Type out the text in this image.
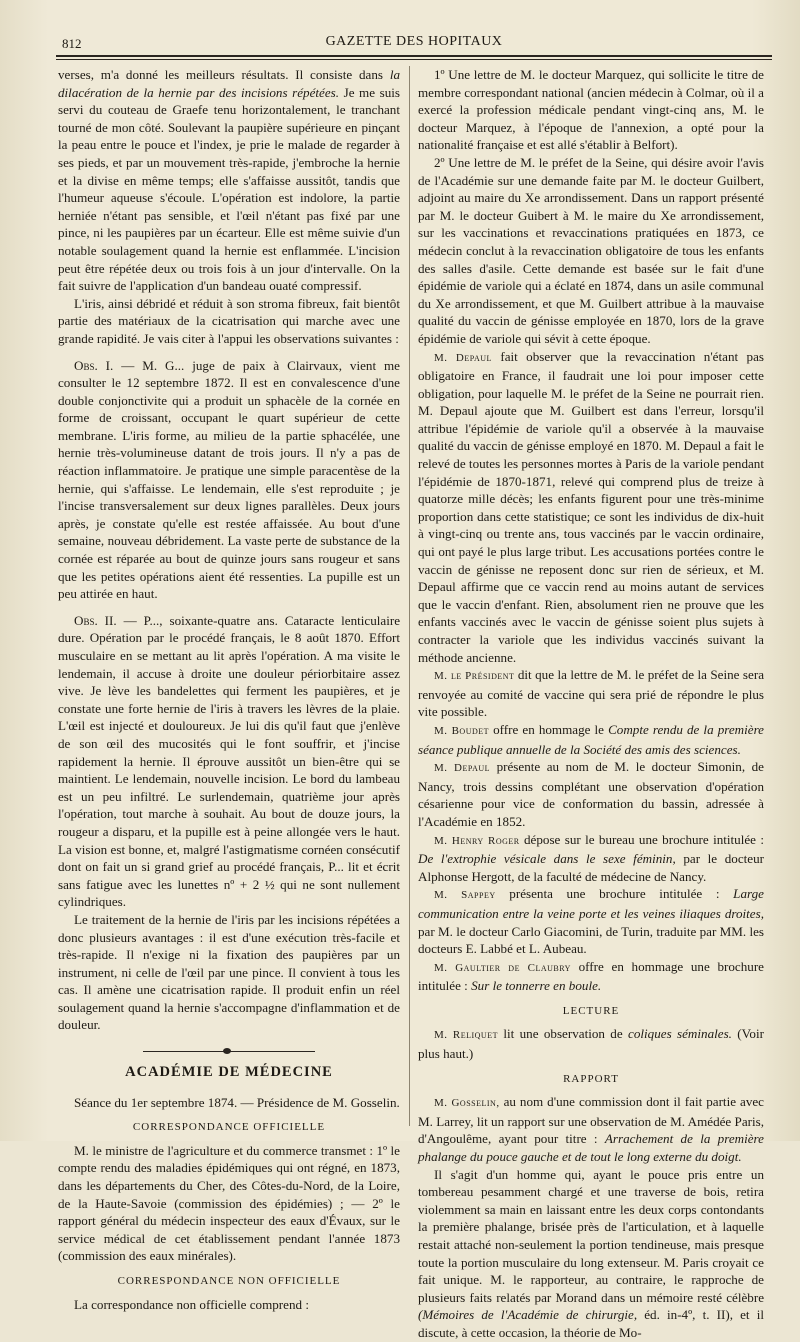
812	GAZETTE DES HOPITAUX

verses, m'a donné les meilleurs résultats. Il consiste dans la dilacération de la hernie par des incisions répétées. Je me suis servi du couteau de Graefe tenu horizontalement, le tranchant tourné de mon côté. Soulevant la paupière supérieure en pinçant la peau entre le pouce et l'index, je prie le malade de regarder à ses pieds, et par un mouvement très-rapide, j'embroche la hernie et la divise en même temps; elle s'affaisse aussitôt, tandis que l'humeur aqueuse s'écoule. L'opération est indolore, la partie herniée n'étant pas sensible, et l'œil n'étant pas fixé par une pince, ni les paupières par un écarteur. Elle est même suivie d'un notable soulagement quand la hernie est enflammée. L'incision peut être répétée deux ou trois fois à un jour d'intervalle. On la fait suivre de l'application d'un bandeau ouaté compressif.

L'iris, ainsi débridé et réduit à son stroma fibreux, fait bientôt partie des matériaux de la cicatrisation qui marche avec une grande rapidité. Je vais citer à l'appui les observations suivantes :

Obs. I. — M. G... juge de paix à Clairvaux, vient me consulter le 12 septembre 1872. Il est en convalescence d'une double conjonctivite qui a produit un sphacèle de la cornée en forme de croissant, occupant le quart supérieur de cette membrane. L'iris forme, au milieu de la partie sphacélée, une hernie très-volumineuse datant de trois jours. Il n'y a pas de réaction inflammatoire. Je pratique une simple paracentèse de la hernie, qui s'affaisse. Le lendemain, elle s'est reproduite ; je l'incise transversalement sur deux lignes parallèles. Deux jours après, je constate qu'elle est restée affaissée. Au bout d'une semaine, nouveau débridement. La vaste perte de substance de la cornée est réparée au bout de quinze jours sans rougeur et sans que les petites opérations aient été ressenties. La pupille est un peu attirée en haut.

Obs. II. — P..., soixante-quatre ans. Cataracte lenticulaire dure. Opération par le procédé français, le 8 août 1870. Effort musculaire en se mettant au lit après l'opération. A ma visite le lendemain, il accuse à droite une douleur périorbitaire assez vive. Je lève les bandelettes qui ferment les paupières, et je constate une forte hernie de l'iris à travers les lèvres de la plaie. L'œil est injecté et douloureux. Je lui dis qu'il faut que j'enlève de son œil des mucosités qui le font souffrir, et j'incise rapidement la hernie. Il éprouve aussitôt un bien-être qui se maintient. Le lendemain, nouvelle incision. Le bord du lambeau est un peu infiltré. Le surlendemain, quatrième jour après l'opération, tout marche à souhait. Au bout de douze jours, la rougeur a disparu, et la pupille est à peine allongée vers le haut. La vision est bonne, et, malgré l'astigmatisme cornéen consécutif dont on fait un si grand grief au procédé français, P... lit et écrit sans fatigue avec les lunettes nº + 2 ½ qui ne sont nullement cylindriques.

Le traitement de la hernie de l'iris par les incisions répétées a donc plusieurs avantages : il est d'une exécution très-facile et très-rapide. Il n'exige ni la fixation des paupières par un instrument, ni celle de l'œil par une pince. Il convient à tous les cas. Il amène une cicatrisation rapide. Il produit enfin un réel soulagement quand la hernie s'accompagne d'inflammation et de douleur.

ACADÉMIE DE MÉDECINE

Séance du 1er septembre 1874. — Présidence de M. Gosselin.

CORRESPONDANCE OFFICIELLE

M. le ministre de l'agriculture et du commerce transmet : 1º le compte rendu des maladies épidémiques qui ont régné, en 1873, dans les départements du Cher, des Côtes-du-Nord, de la Loire, de la Haute-Savoie (commission des épidémies) ; — 2º le rapport général du médecin inspecteur des eaux d'Évaux, sur le service médical de cet établissement pendant l'année 1873 (commission des eaux minérales).

CORRESPONDANCE NON OFFICIELLE

La correspondance non officielle comprend :

1º Une lettre de M. le docteur Marquez, qui sollicite le titre de membre correspondant national (ancien médecin à Colmar, où il a exercé la profession médicale pendant vingt-cinq ans, M. le docteur Marquez, à l'époque de l'annexion, a opté pour la nationalité française et est allé s'établir à Belfort).

2º Une lettre de M. le préfet de la Seine, qui désire avoir l'avis de l'Académie sur une demande faite par M. le docteur Guilbert, adjoint au maire du Xe arrondissement. Dans un rapport présenté par M. le docteur Guibert à M. le maire du Xe arrondissement, sur les vaccinations et revaccinations pratiquées en 1873, ce médecin conclut à la revaccination obligatoire de tous les enfants des salles d'asile. Cette demande est basée sur le fait d'une épidémie de variole qui a éclaté en 1874, dans un asile communal du Xe arrondissement, et que M. Guilbert attribue à la mauvaise qualité du vaccin de génisse employée en 1870, lors de la grave épidémie de variole qui sévit à cette époque.

M. Depaul fait observer que la revaccination n'étant pas obligatoire en France, il faudrait une loi pour imposer cette obligation, pour laquelle M. le préfet de la Seine ne pourrait rien. M. Depaul ajoute que M. Guilbert est dans l'erreur, lorsqu'il attribue l'épidémie de variole qu'il a observée à la mauvaise qualité du vaccin de génisse employé en 1870. M. Depaul a fait le relevé de toutes les personnes mortes à Paris de la variole pendant l'épidémie de 1870-1871, relevé qui comprend plus de treize à quatorze mille décès; les enfants figurent pour une très-minime proportion dans cette statistique; ce sont les individus de dix-huit à vingt-cinq ou trente ans, tous vaccinés par le vaccin ordinaire, qui ont payé le plus large tribut. Les accusations portées contre le vaccin de génisse ne reposent donc sur rien de sérieux, et M. Depaul affirme que ce vaccin rend au moins autant de services que le vaccin d'enfant. Rien, absolument rien ne prouve que les enfants vaccinés avec le vaccin de génisse soient plus sujets à contracter la variole que les individus vaccinés suivant la méthode ancienne.

M. le Président dit que la lettre de M. le préfet de la Seine sera renvoyée au comité de vaccine qui sera prié de répondre le plus vite possible.

M. Boudet offre en hommage le Compte rendu de la première séance publique annuelle de la Société des amis des sciences.

M. Depaul présente au nom de M. le docteur Simonin, de Nancy, trois dessins complétant une observation d'opération césarienne pour vice de conformation du bassin, adressée à l'Académie en 1852.

M. Henry Roger dépose sur le bureau une brochure intitulée : De l'extrophie vésicale dans le sexe féminin, par le docteur Alphonse Hergott, de la faculté de médecine de Nancy.

M. Sappey présenta une brochure intitulée : Large communication entre la veine porte et les veines iliaques droites, par M. le docteur Carlo Giacomini, de Turin, traduite par MM. les docteurs E. Labbé et L. Aubeau.

M. Gaultier de Claubry offre en hommage une brochure intitulée : Sur le tonnerre en boule.

LECTURE

M. Reliquet lit une observation de coliques séminales. (Voir plus haut.)

RAPPORT

M. Gosselin, au nom d'une commission dont il fait partie avec M. Larrey, lit un rapport sur une observation de M. Amédée Paris, d'Angoulême, ayant pour titre : Arrachement de la première phalange du pouce gauche et de tout le long externe du doigt.

Il s'agit d'un homme qui, ayant le pouce pris entre un tombereau pesamment chargé et une traverse de bois, retira violemment sa main en laissant entre les deux corps contondants la première phalange, brisée près de l'articulation, et à laquelle restait attaché non-seulement la portion tendineuse, mais presque toute la portion musculaire du long extenseur. M. Paris croyait ce fait unique. M. le rapporteur, au contraire, le rapproche de plusieurs faits relatés par Morand dans un mémoire resté célèbre (Mémoires de l'Académie de chirurgie, éd. in-4º, t. II), et il discute, à cette occasion, la théorie de Mo-
